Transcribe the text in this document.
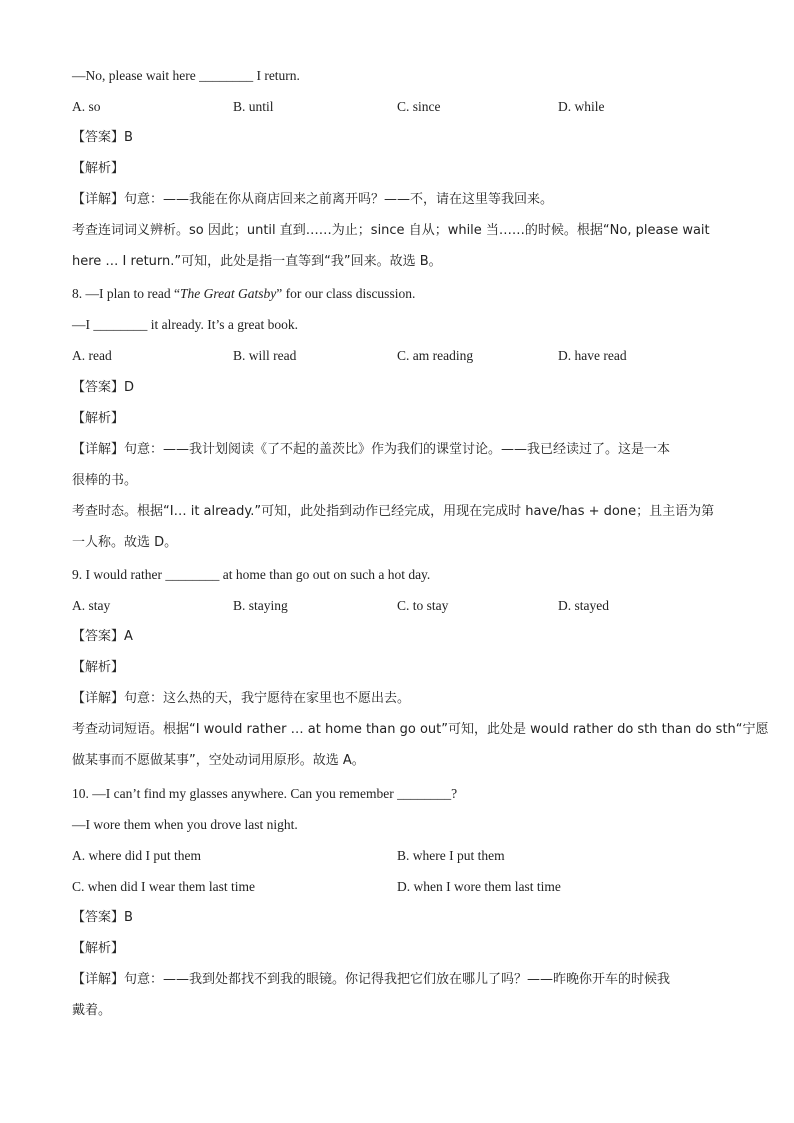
—No, please wait here ________ I return.
A. so	B. until	C. since	D. while
【答案】B
【解析】
【详解】句意：——我能在你从商店回来之前离开吗？——不，请在这里等我回来。
考查连词词义辨析。so 因此；until 直到……为止；since 自从；while 当……的时候。根据“No, please wait
here … I return.”可知，此处是指一直等到“我”回来。故选 B。
8. —I plan to read “The Great Gatsby” for our class discussion.
—I ________ it already. It’s a great book.
A. read	B. will read	C. am reading	D. have read
【答案】D
【解析】
【详解】句意：——我计划阅读《了不起的盖茨比》作为我们的课堂讨论。——我已经读过了。这是一本
很棒的书。
考查时态。根据“I… it already.”可知，此处指到动作已经完成，用现在完成时 have/has + done；且主语为第
一人称。故选 D。
9. I would rather ________ at home than go out on such a hot day.
A. stay	B. staying	C. to stay	D. stayed
【答案】A
【解析】
【详解】句意：这么热的天，我宁愿待在家里也不愿出去。
考查动词短语。根据“I would rather … at home than go out”可知，此处是 would rather do sth than do sth“宁愿
做某事而不愿做某事”，空处动词用原形。故选 A。
10. —I can’t find my glasses anywhere. Can you remember ________?
—I wore them when you drove last night.
A. where did I put them	B. where I put them
C. when did I wear them last time	D. when I wore them last time
【答案】B
【解析】
【详解】句意：——我到处都找不到我的眼镜。你记得我把它们放在哪儿了吗？——昨晚你开车的时候我
戴着。
